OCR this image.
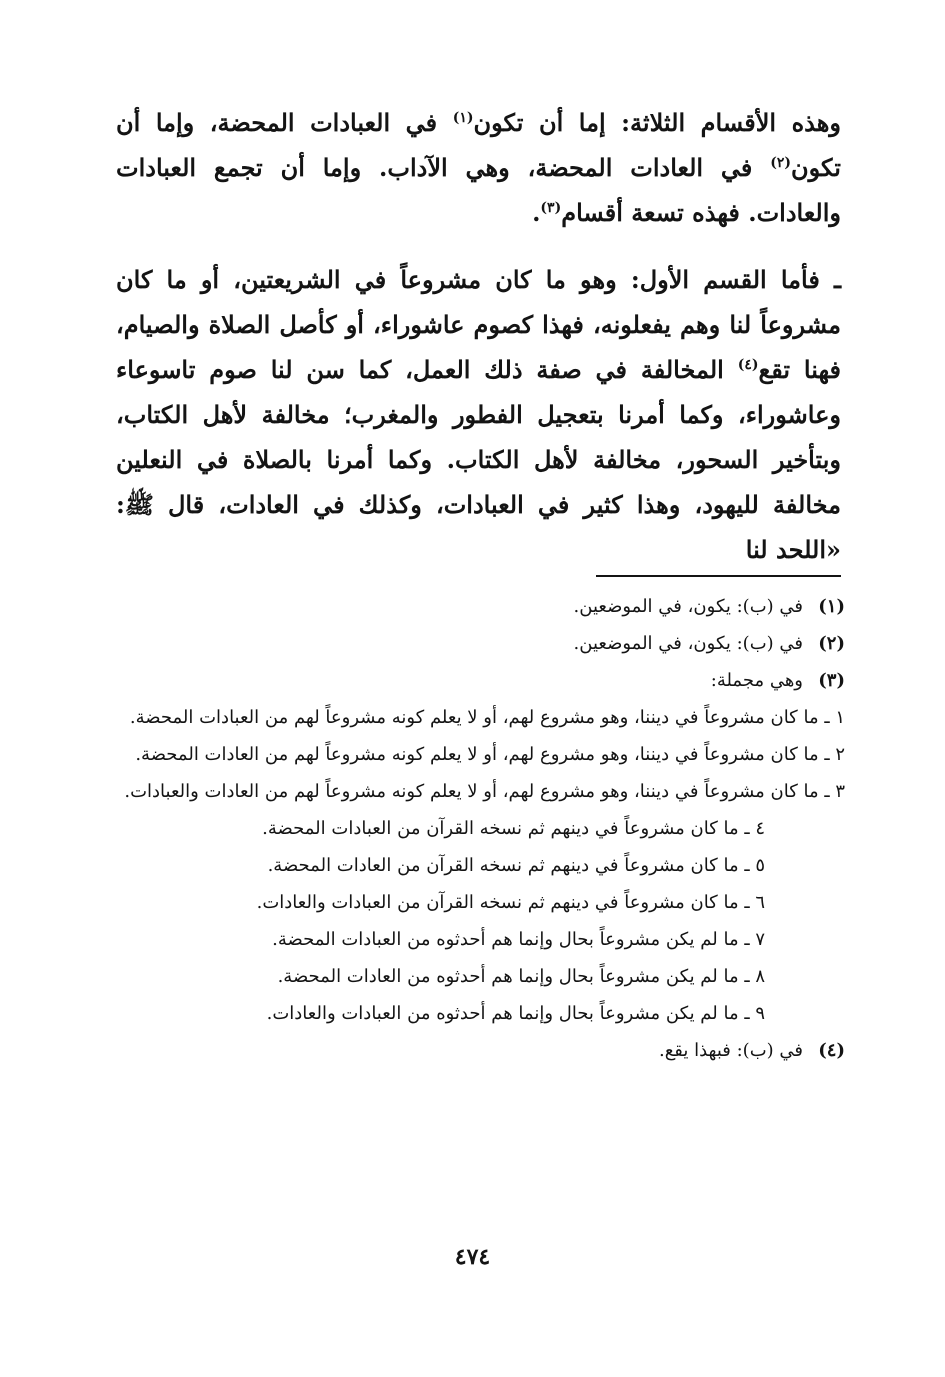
وهذه الأقسام الثلاثة: إما أن تكون$^{(١)}$ في العبادات المحضة، وإما أن تكون$^{(٢)}$ في العادات المحضة، وهي الآداب. وإما أن تجمع العبادات والعادات. فهذه تسعة أقسام$^{(٣)}$.

ـ فأما القسم الأول: وهو ما كان مشروعاً في الشريعتين، أو ما كان مشروعاً لنا وهم يفعلونه، فهذا كصوم عاشوراء، أو كأصل الصلاة والصيام، فهنا تقع$^{(٤)}$ المخالفة في صفة ذلك العمل، كما سن لنا صوم تاسوعاء وعاشوراء، وكما أمرنا بتعجيل الفطور والمغرب؛ مخالفة لأهل الكتاب، وبتأخير السحور، مخالفة لأهل الكتاب. وكما أمرنا بالصلاة في النعلين مخالفة لليهود، وهذا كثير في العبادات، وكذلك في العادات، قال ﷺ: «اللحد لنا

(١)في (ب): يكون، في الموضعين.

(٢)في (ب): يكون، في الموضعين.

(٣)وهي مجملة:

١ ـ ما كان مشروعاً في ديننا، وهو مشروع لهم، أو لا يعلم كونه مشروعاً لهم من العبادات المحضة.
٢ ـ ما كان مشروعاً في ديننا، وهو مشروع لهم، أو لا يعلم كونه مشروعاً لهم من العادات المحضة.
٣ ـ ما كان مشروعاً في ديننا، وهو مشروع لهم، أو لا يعلم كونه مشروعاً لهم من العادات والعبادات.
٤ ـ ما كان مشروعاً في دينهم ثم نسخه القرآن من العبادات المحضة.
٥ ـ ما كان مشروعاً في دينهم ثم نسخه القرآن من العادات المحضة.
٦ ـ ما كان مشروعاً في دينهم ثم نسخه القرآن من العبادات والعادات.
٧ ـ ما لم يكن مشروعاً بحال وإنما هم أحدثوه من العبادات المحضة.
٨ ـ ما لم يكن مشروعاً بحال وإنما هم أحدثوه من العادات المحضة.
٩ ـ ما لم يكن مشروعاً بحال وإنما هم أحدثوه من العبادات والعادات.

(٤)في (ب): فبهذا يقع.

٤٧٤
